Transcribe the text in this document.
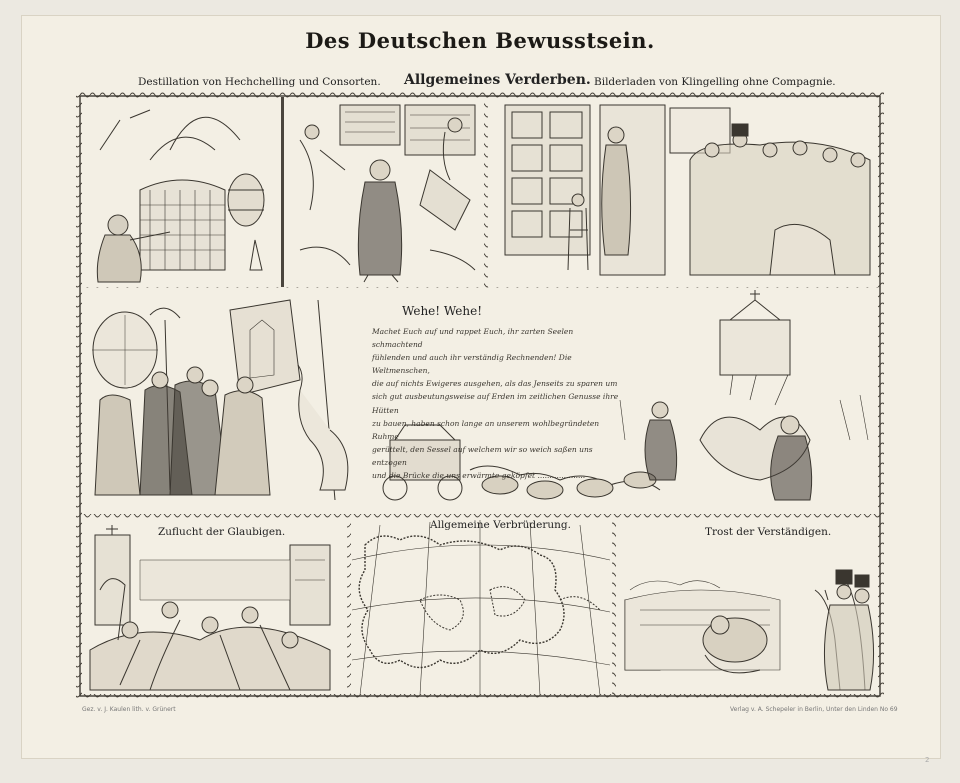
Des Deutschen Bewusstsein.
Destillation von Hechchelling und Consorten. Allgemeines Verderben. Bilderladen von Klingelling ohne Compagnie.
Wehe! Wehe!
Machet Euch auf und rappet Euch, ihr zarten Seelen schmachtend
fühlenden und auch ihr verständig Rechnenden! Die Weltmenschen,
die auf nichts Ewigeres ausgehen, als das Jenseits zu sparen um
sich gut ausbeutungsweise auf Erden im zeitlichen Genusse ihre Hütten
zu bauen, haben schon lange an unserem wohlbegründeten Ruhme
gerüttelt, den Sessel auf welchem wir so weich saßen uns entzogen
und die Brücke die uns erwärmte geköpfet ....................
Zuflucht der Glaubigen.
Allgemeine Verbrüderung.
Trost der Verständigen.
Gez. v. J. Kaulen lith. v. Grünert	Verlag v. A. Schepeler in Berlin, Unter den Linden No 69
2
